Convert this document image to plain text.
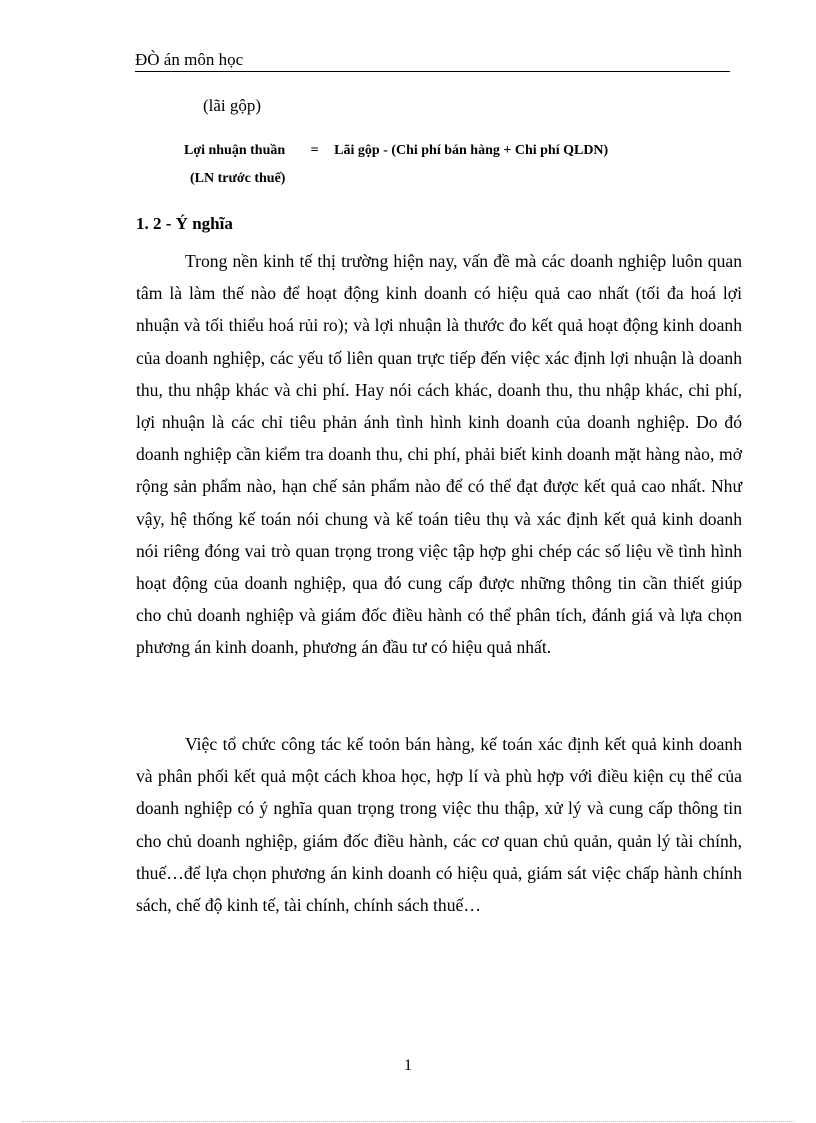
ĐÒ án môn học
(lãi gộp)
Lợi nhuận thuần = Lãi gộp - (Chi phí bán hàng + Chi phí QLDN)
(LN trước thuế)
1. 2 - Ý nghĩa

Trong nền kinh tế thị trường hiện nay, vấn đề mà các doanh nghiệp luôn quan tâm là làm thế nào để hoạt động kinh doanh có hiệu quả cao nhất (tối đa hoá lợi nhuận và tối thiểu hoá rủi ro); và lợi nhuận là thước đo kết quả hoạt động kinh doanh của doanh nghiệp, các yếu tố liên quan trực tiếp đến việc xác định lợi nhuận là doanh thu, thu nhập khác và chi phí. Hay nói cách khác, doanh thu, thu nhập khác, chi phí, lợi nhuận là các chỉ tiêu phản ánh tình hình kinh doanh của doanh nghiệp. Do đó doanh nghiệp cần kiểm tra doanh thu, chi phí, phải biết kinh doanh mặt hàng nào, mở rộng sản phẩm nào, hạn chế sản phẩm nào để có thể đạt được kết quả cao nhất. Như vậy, hệ thống kế toán nói chung và kế toán tiêu thụ và xác định kết quả kinh doanh nói riêng đóng vai trò quan trọng trong việc tập hợp ghi chép các số liệu về tình hình hoạt động của doanh nghiệp, qua đó cung cấp được những thông tin cần thiết giúp cho chủ doanh nghiệp và giám đốc điều hành có thể phân tích, đánh giá và lựa chọn phương án kinh doanh, phương án đầu tư có hiệu quả nhất.

Việc tổ chức công tác kế toỏn bán hàng, kế toán xác định kết quả kinh doanh và phân phối kết quả một cách khoa học, hợp lí và phù hợp với điều kiện cụ thể của doanh nghiệp có ý nghĩa quan trọng trong việc thu thập, xử lý và cung cấp thông tin cho chủ doanh nghiệp, giám đốc điều hành, các cơ quan chủ quản, quản lý tài chính, thuế…để lựa chọn phương án kinh doanh có hiệu quả, giám sát việc chấp hành chính sách, chế độ kinh tế, tài chính, chính sách thuế…

1
